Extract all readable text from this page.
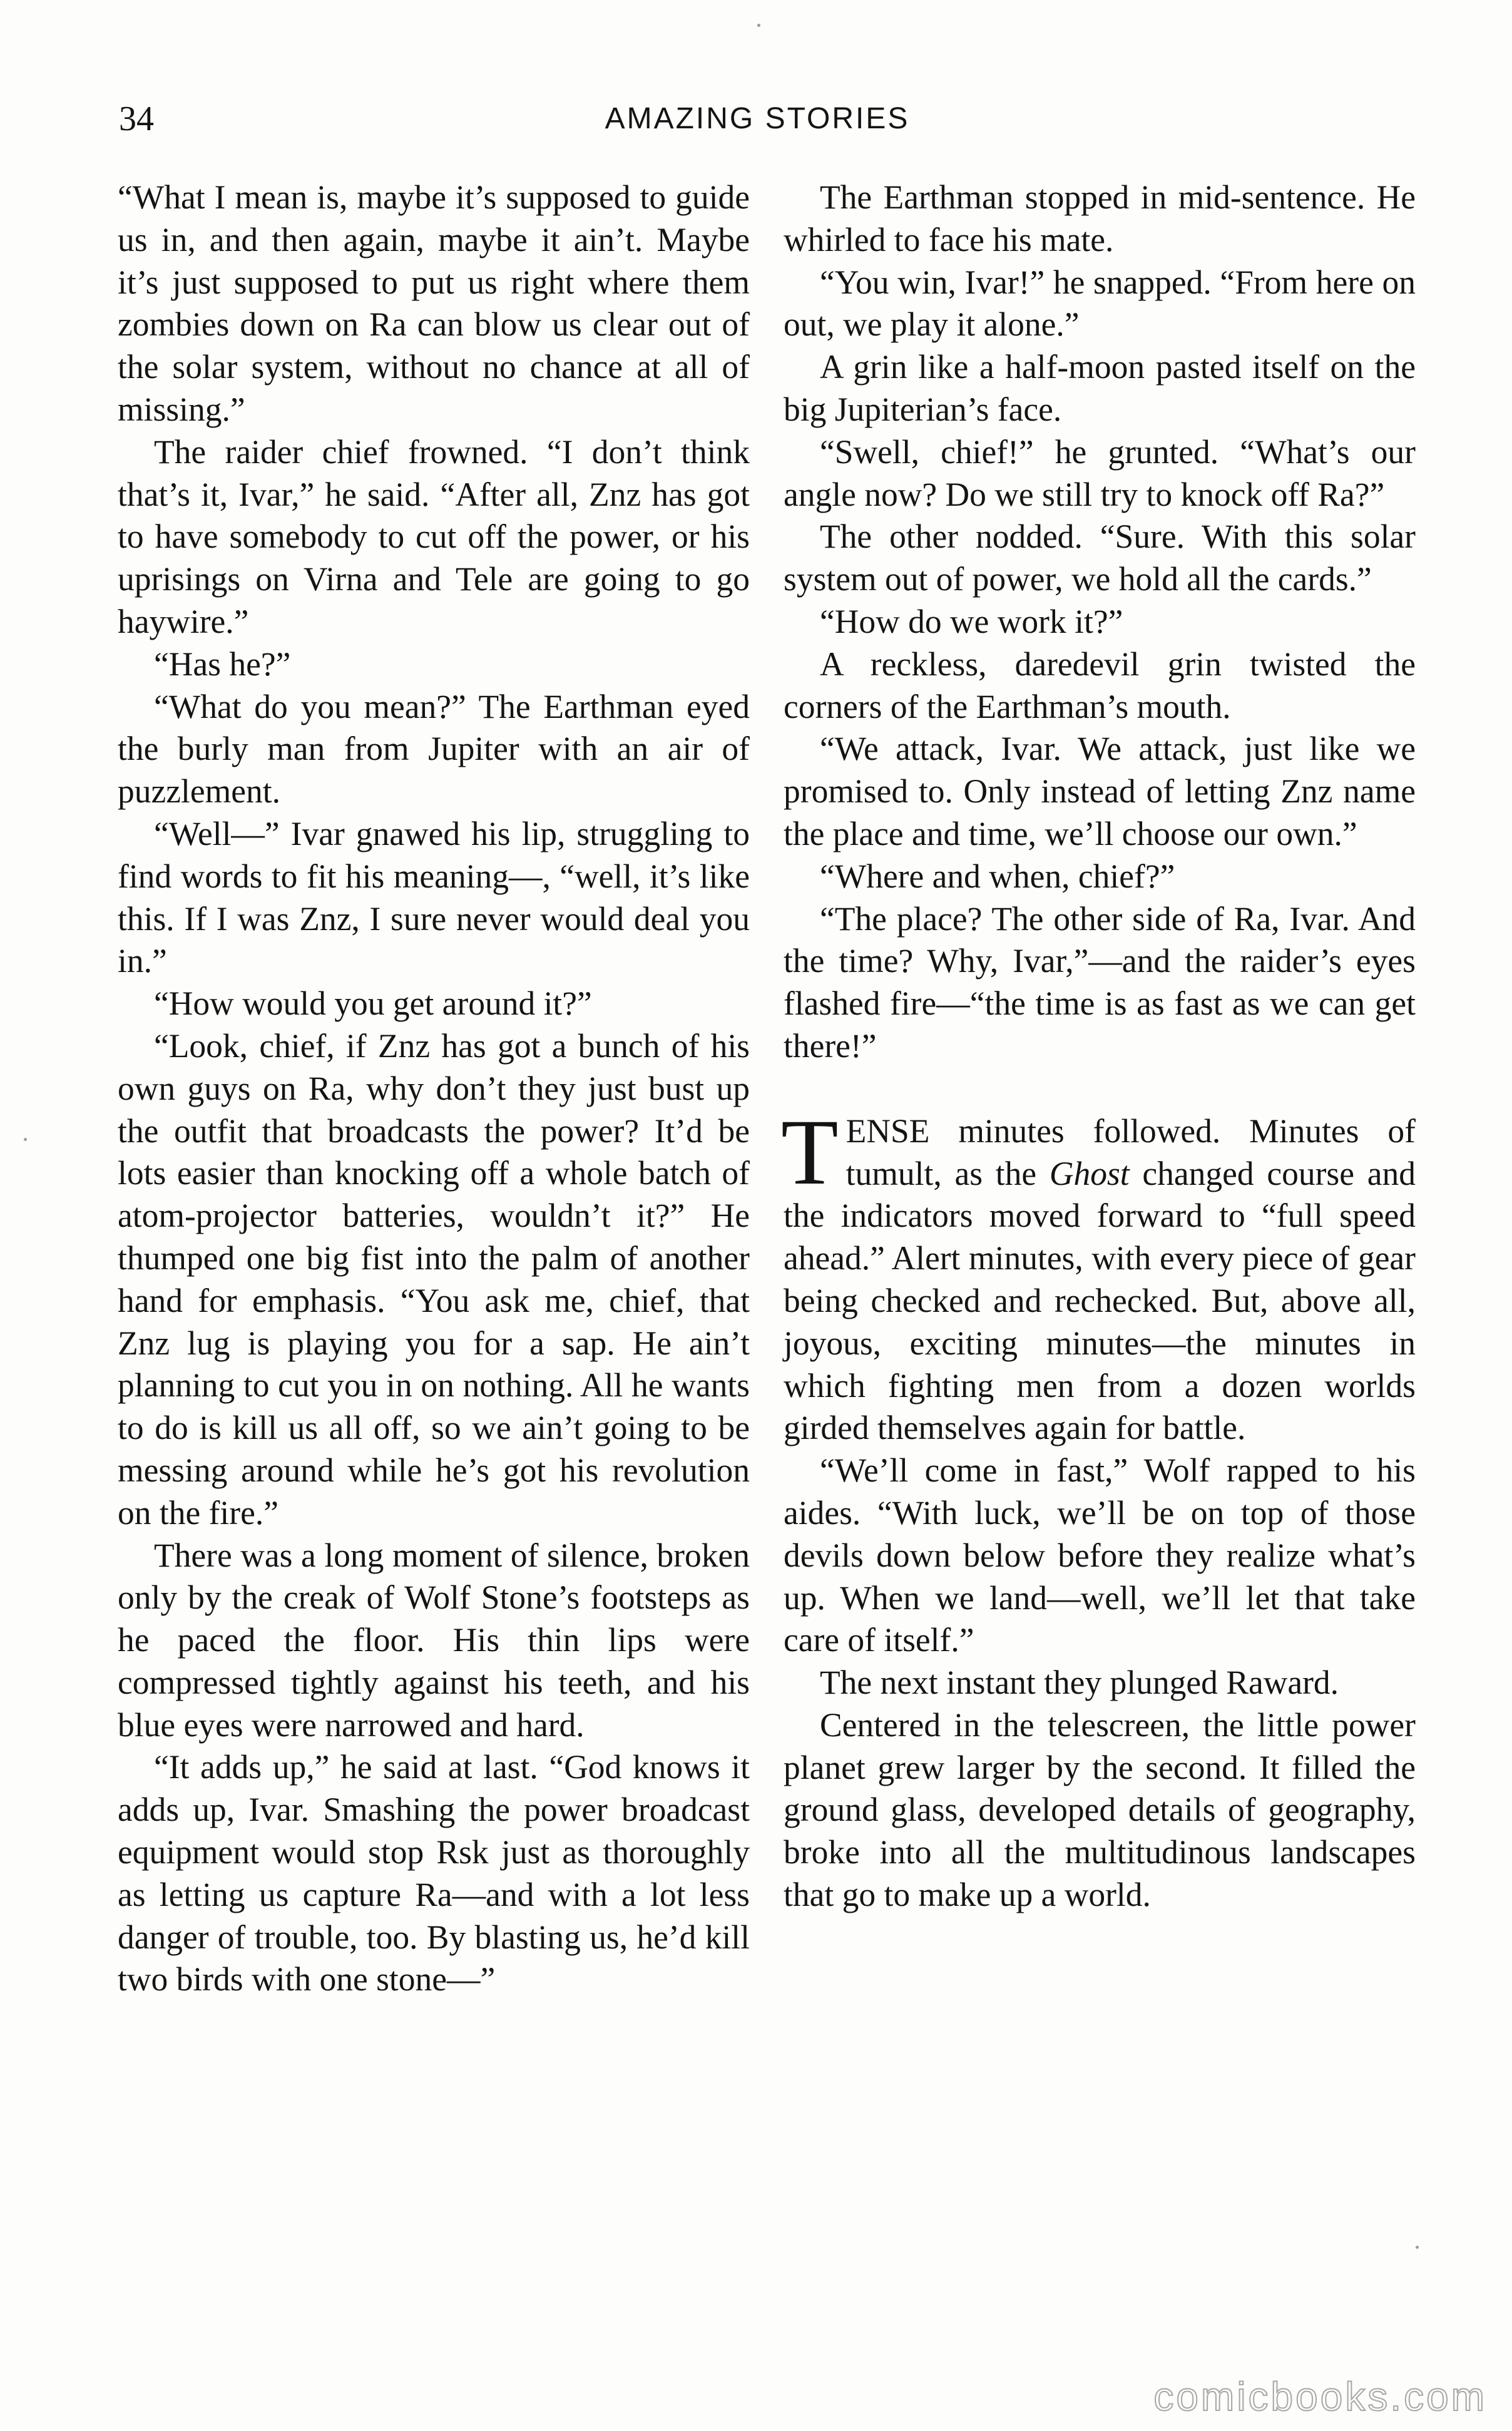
34	AMAZING STORIES

“What I mean is, maybe it’s supposed to guide us in, and then again, maybe it ain’t. Maybe it’s just supposed to put us right where them zombies down on Ra can blow us clear out of the solar system, without no chance at all of missing.”

The raider chief frowned. “I don’t think that’s it, Ivar,” he said. “After all, Znz has got to have somebody to cut off the power, or his uprisings on Virna and Tele are going to go haywire.”

“Has he?”

“What do you mean?” The Earthman eyed the burly man from Jupiter with an air of puzzlement.

“Well—” Ivar gnawed his lip, struggling to find words to fit his meaning—, “well, it’s like this. If I was Znz, I sure never would deal you in.”

“How would you get around it?”

“Look, chief, if Znz has got a bunch of his own guys on Ra, why don’t they just bust up the outfit that broadcasts the power? It’d be lots easier than knocking off a whole batch of atom-projector batteries, wouldn’t it?” He thumped one big fist into the palm of another hand for emphasis. “You ask me, chief, that Znz lug is playing you for a sap. He ain’t planning to cut you in on nothing. All he wants to do is kill us all off, so we ain’t going to be messing around while he’s got his revolution on the fire.”

There was a long moment of silence, broken only by the creak of Wolf Stone’s footsteps as he paced the floor. His thin lips were compressed tightly against his teeth, and his blue eyes were narrowed and hard.

“It adds up,” he said at last. “God knows it adds up, Ivar. Smashing the power broadcast equipment would stop Rsk just as thoroughly as letting us capture Ra—and with a lot less danger of trouble, too. By blasting us, he’d kill two birds with one stone—”

The Earthman stopped in mid-sentence. He whirled to face his mate.

“You win, Ivar!” he snapped. “From here on out, we play it alone.”

A grin like a half-moon pasted itself on the big Jupiterian’s face.

“Swell, chief!” he grunted. “What’s our angle now? Do we still try to knock off Ra?”

The other nodded. “Sure. With this solar system out of power, we hold all the cards.”

“How do we work it?”

A reckless, daredevil grin twisted the corners of the Earthman’s mouth.

“We attack, Ivar. We attack, just like we promised to. Only instead of letting Znz name the place and time, we’ll choose our own.”

“Where and when, chief?”

“The place? The other side of Ra, Ivar. And the time? Why, Ivar,”—and the raider’s eyes flashed fire—“the time is as fast as we can get there!”

TENSE minutes followed. Minutes of tumult, as the Ghost changed course and the indicators moved forward to “full speed ahead.” Alert minutes, with every piece of gear being checked and rechecked. But, above all, joyous, exciting minutes—the minutes in which fighting men from a dozen worlds girded themselves again for battle.

“We’ll come in fast,” Wolf rapped to his aides. “With luck, we’ll be on top of those devils down below before they realize what’s up. When we land—well, we’ll let that take care of itself.”

The next instant they plunged Raward.

Centered in the telescreen, the little power planet grew larger by the second. It filled the ground glass, developed details of geography, broke into all the multitudinous landscapes that go to make up a world.

comicbooks.com
